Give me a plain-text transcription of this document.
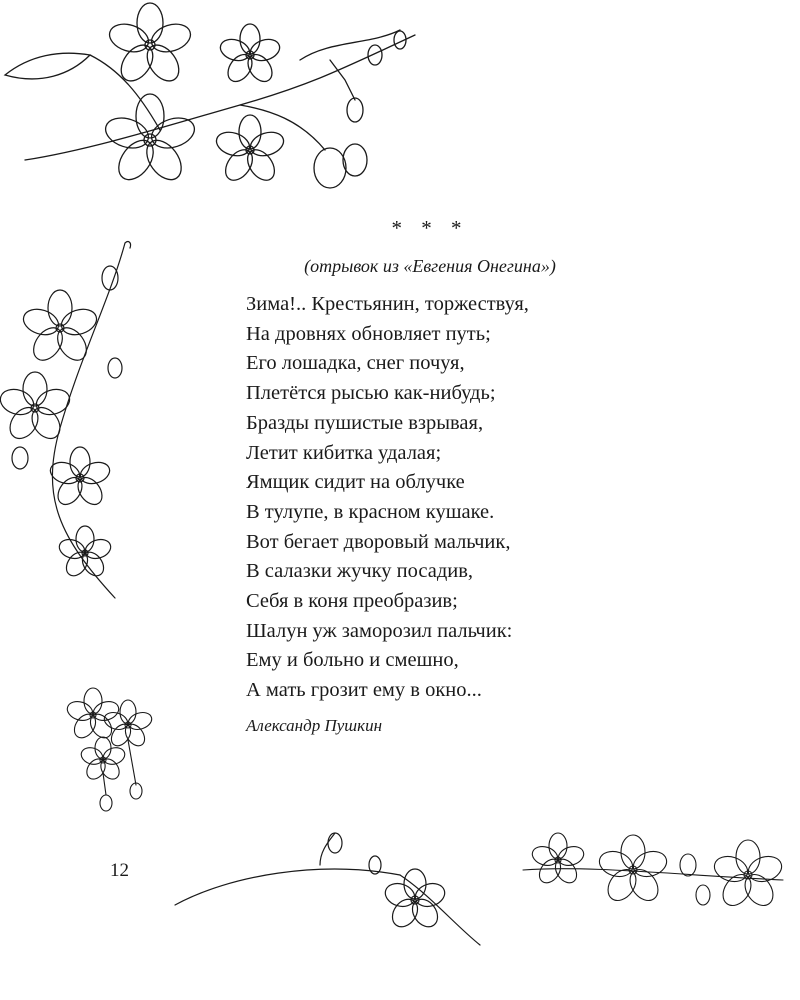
* * *
(отрывок из «Евгения Онегина»)
Зима!.. Крестьянин, торжествуя,
На дровнях обновляет путь;
Его лошадка, снег почуя,
Плетётся рысью как-нибудь;
Бразды пушистые взрывая,
Летит кибитка удалая;
Ямщик сидит на облучке
В тулупе, в красном кушаке.
Вот бегает дворовый мальчик,
В салазки жучку посадив,
Себя в коня преобразив;
Шалун уж заморозил пальчик:
Ему и больно и смешно,
А мать грозит ему в окно...
Александр Пушкин
12
